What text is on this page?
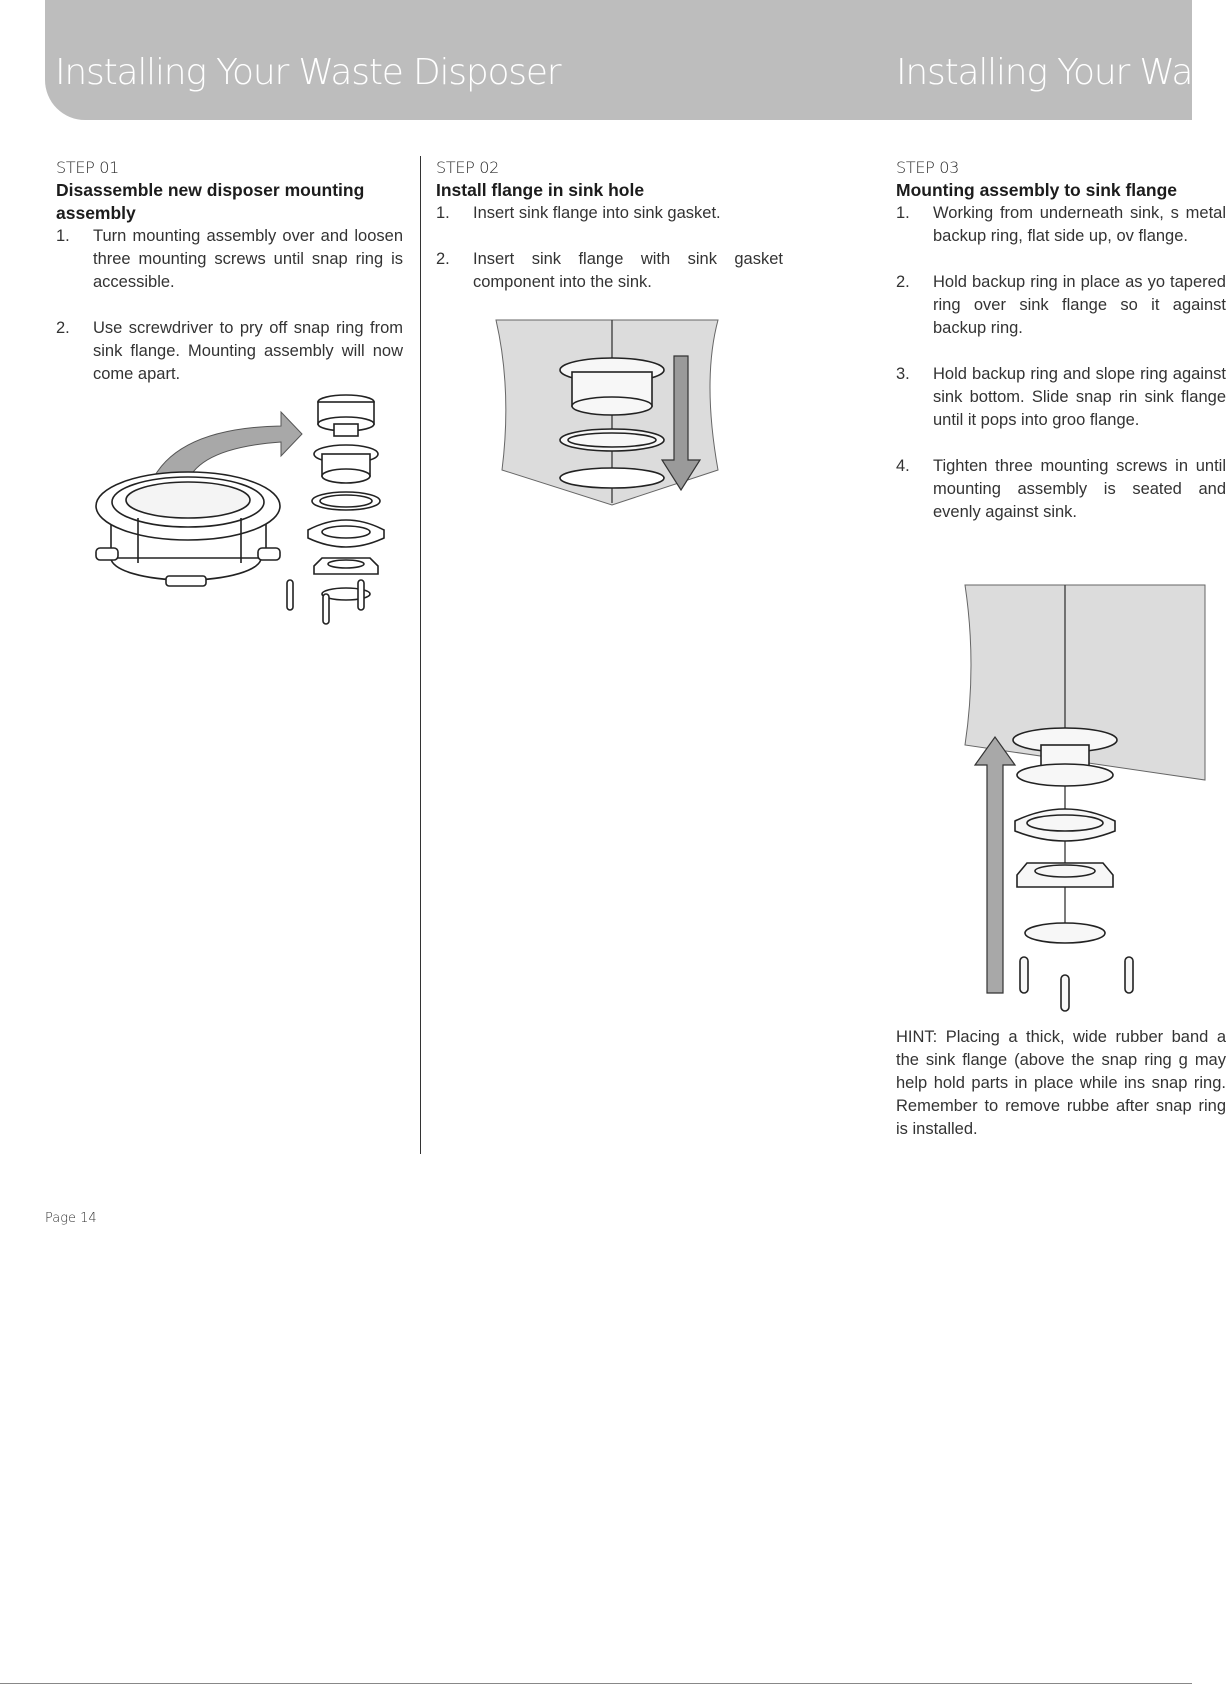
Installing Your Waste Disposer	Installing Your Wast
STEP 01
Disassemble new disposer mounting assembly
1. Turn mounting assembly over and loosen three mounting screws until snap ring is accessible.
2. Use screwdriver to pry off snap ring from sink flange. Mounting assembly will now come apart.
STEP 02
Install flange in sink hole
1. Insert sink flange into sink gasket.
2. Insert sink flange with sink gasket component into the sink.
STEP 03
Mounting assembly to sink flange
1. Working from underneath sink, s metal backup ring, flat side up, ov flange.
2. Hold backup ring in place as yo tapered ring over sink flange so it against backup ring.
3. Hold backup ring and slope ring against sink bottom. Slide snap rin sink flange until it pops into groo flange.
4. Tighten three mounting screws in until mounting assembly is seated and evenly against sink.
HINT: Placing a thick, wide rubber band a the sink flange (above the snap ring g may help hold parts in place while ins snap ring. Remember to remove rubbe after snap ring is installed.
Page 14
